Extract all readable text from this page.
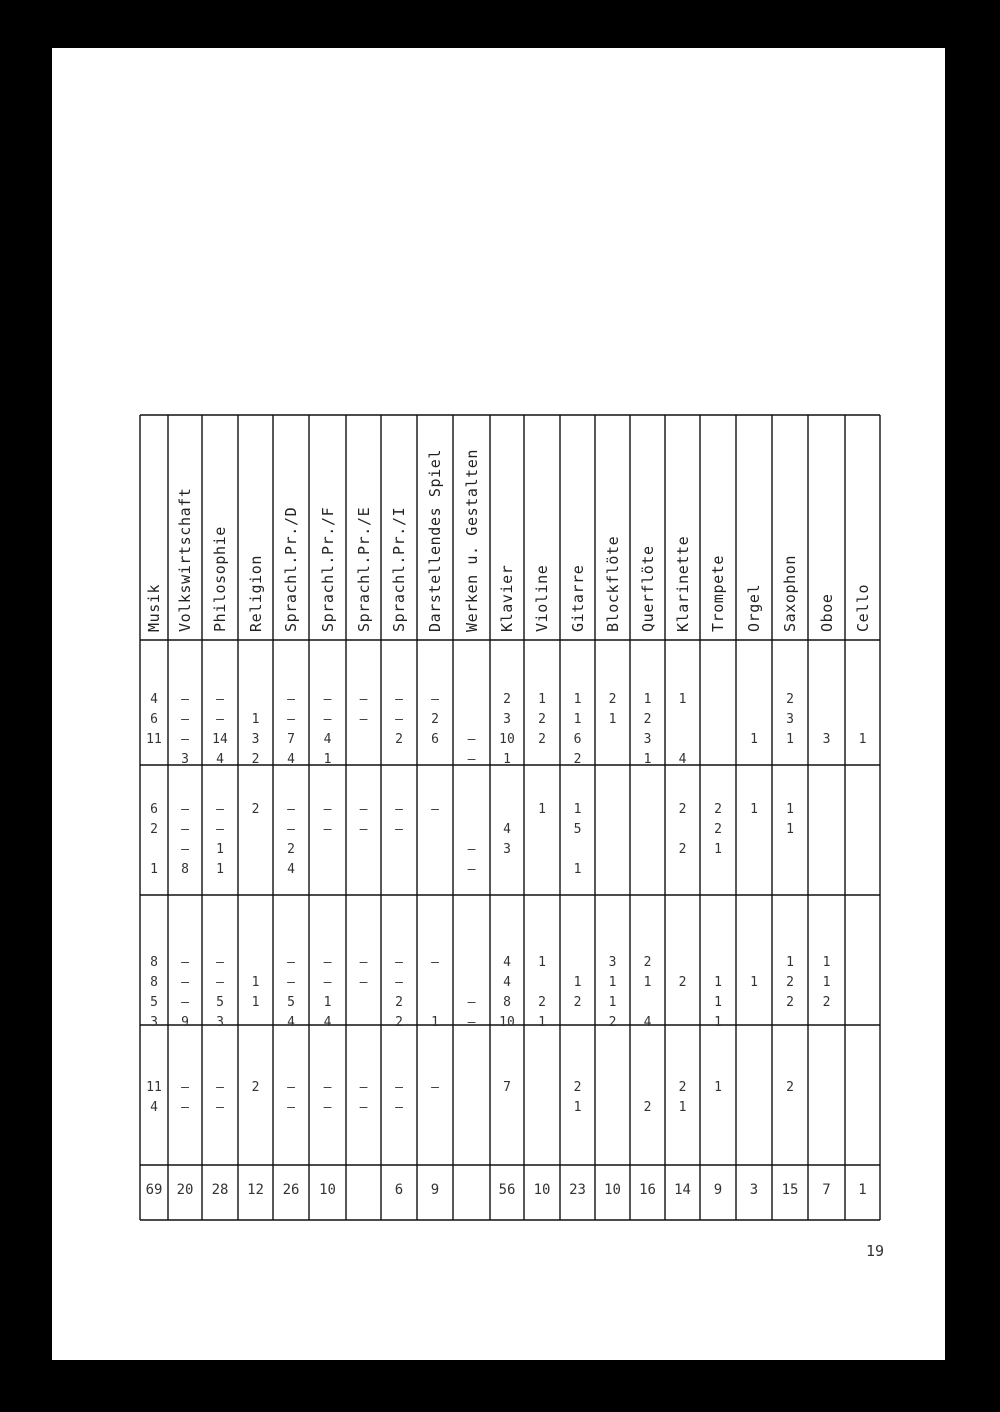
Musik
4
6
11
6
2
1
8
8
5
3
11
4
69
Volkswirtschaft
–
–
–
3
–
–
–
8
–
–
–
9
–
–
20
Philosophie
–
–
14
4
–
–
1
1
–
–
5
3
–
–
28
Religion
1
3
2
2
1
1
2
12
Sprachl.Pr./D
–
–
7
4
–
–
2
4
–
–
5
4
–
–
26
Sprachl.Pr./F
–
–
4
1
–
–
–
–
1
4
–
–
10
Sprachl.Pr./E
–
–
–
–
–
–
–
–
Sprachl.Pr./I
–
–
2
–
–
–
–
2
2
–
–
6
Darstellendes Spiel
–
2
6
–
–
1
–
9
Werken u. Gestalten
–
–
–
–
–
–
Klavier
2
3
10
1
4
3
4
4
8
10
7
56
Violine
1
2
2
1
1
2
1
10
Gitarre
1
1
6
2
1
5
1
1
2
2
1
23
Blockflöte
2
1
3
1
1
2
10
Querflöte
1
2
3
1
2
1
4
2
16
Klarinette
1
4
2
2
2
2
1
14
Trompete
2
2
1
1
1
1
1
9
Orgel
1
1
1
3
Saxophon
2
3
1
1
1
1
2
2
2
15
Oboe
3
1
1
2
7
Cello
1
1
19
